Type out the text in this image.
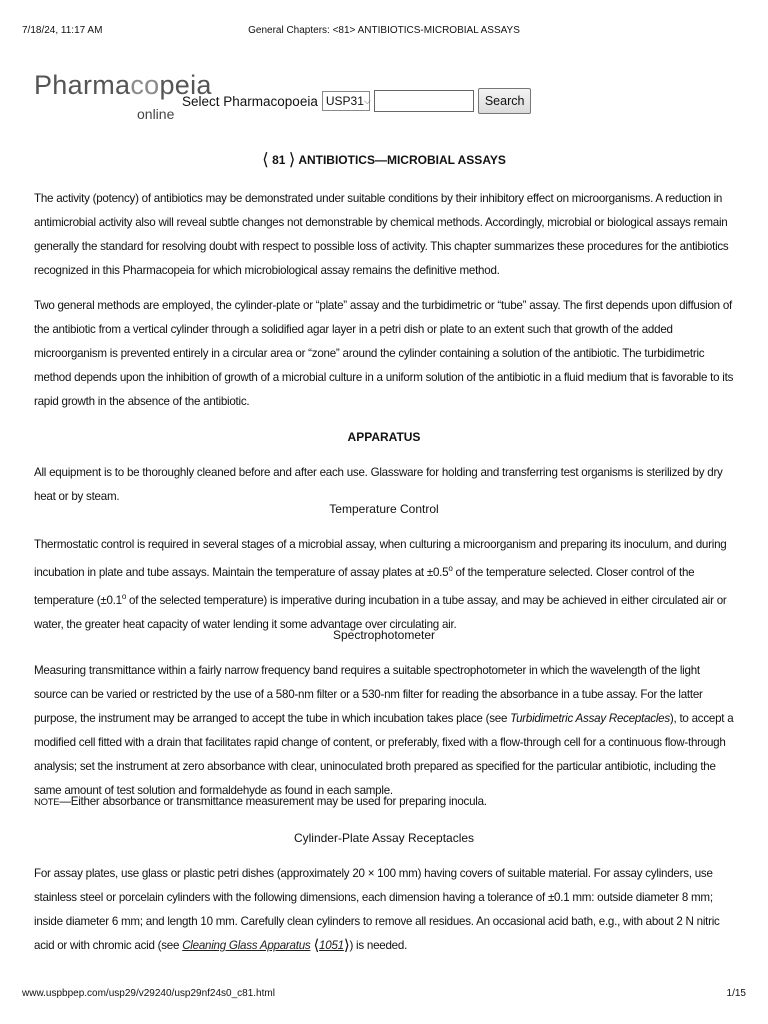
7/18/24, 11:17 AM	General Chapters: <81> ANTIBIOTICS-MICROBIAL ASSAYS
Pharmacopeia
online
Select Pharmacopoeia USP31 ⌵	Search
⟨ 81 ⟩ ANTIBIOTICS—MICROBIAL ASSAYS
The activity (potency) of antibiotics may be demonstrated under suitable conditions by their inhibitory effect on microorganisms. A reduction in antimicrobial activity also will reveal subtle changes not demonstrable by chemical methods. Accordingly, microbial or biological assays remain generally the standard for resolving doubt with respect to possible loss of activity. This chapter summarizes these procedures for the antibiotics recognized in this Pharmacopeia for which microbiological assay remains the definitive method.
Two general methods are employed, the cylinder-plate or “plate” assay and the turbidimetric or “tube” assay. The first depends upon diffusion of the antibiotic from a vertical cylinder through a solidified agar layer in a petri dish or plate to an extent such that growth of the added microorganism is prevented entirely in a circular area or “zone” around the cylinder containing a solution of the antibiotic. The turbidimetric method depends upon the inhibition of growth of a microbial culture in a uniform solution of the antibiotic in a fluid medium that is favorable to its rapid growth in the absence of the antibiotic.
APPARATUS
All equipment is to be thoroughly cleaned before and after each use. Glassware for holding and transferring test organisms is sterilized by dry heat or by steam.
Temperature Control
Thermostatic control is required in several stages of a microbial assay, when culturing a microorganism and preparing its inoculum, and during incubation in plate and tube assays. Maintain the temperature of assay plates at $\pm 0.5^o$ of the temperature selected. Closer control of the temperature ($\pm 0.1^o$ of the selected temperature) is imperative during incubation in a tube assay, and may be achieved in either circulated air or water, the greater heat capacity of water lending it some advantage over circulating air.
Spectrophotometer
Measuring transmittance within a fairly narrow frequency band requires a suitable spectrophotometer in which the wavelength of the light source can be varied or restricted by the use of a 580-nm filter or a 530-nm filter for reading the absorbance in a tube assay. For the latter purpose, the instrument may be arranged to accept the tube in which incubation takes place (see Turbidimetric Assay Receptacles), to accept a modified cell fitted with a drain that facilitates rapid change of content, or preferably, fixed with a flow-through cell for a continuous flow-through analysis; set the instrument at zero absorbance with clear, uninoculated broth prepared as specified for the particular antibiotic, including the same amount of test solution and formaldehyde as found in each sample.
NOTE—Either absorbance or transmittance measurement may be used for preparing inocula.
Cylinder-Plate Assay Receptacles
For assay plates, use glass or plastic petri dishes (approximately 20 × 100 mm) having covers of suitable material. For assay cylinders, use stainless steel or porcelain cylinders with the following dimensions, each dimension having a tolerance of ±0.1 mm: outside diameter 8 mm; inside diameter 6 mm; and length 10 mm. Carefully clean cylinders to remove all residues. An occasional acid bath, e.g., with about 2 N nitric acid or with chromic acid (see Cleaning Glass Apparatus ⟨1051⟩) is needed.
www.uspbpep.com/usp29/v29240/usp29nf24s0_c81.html	1/15
